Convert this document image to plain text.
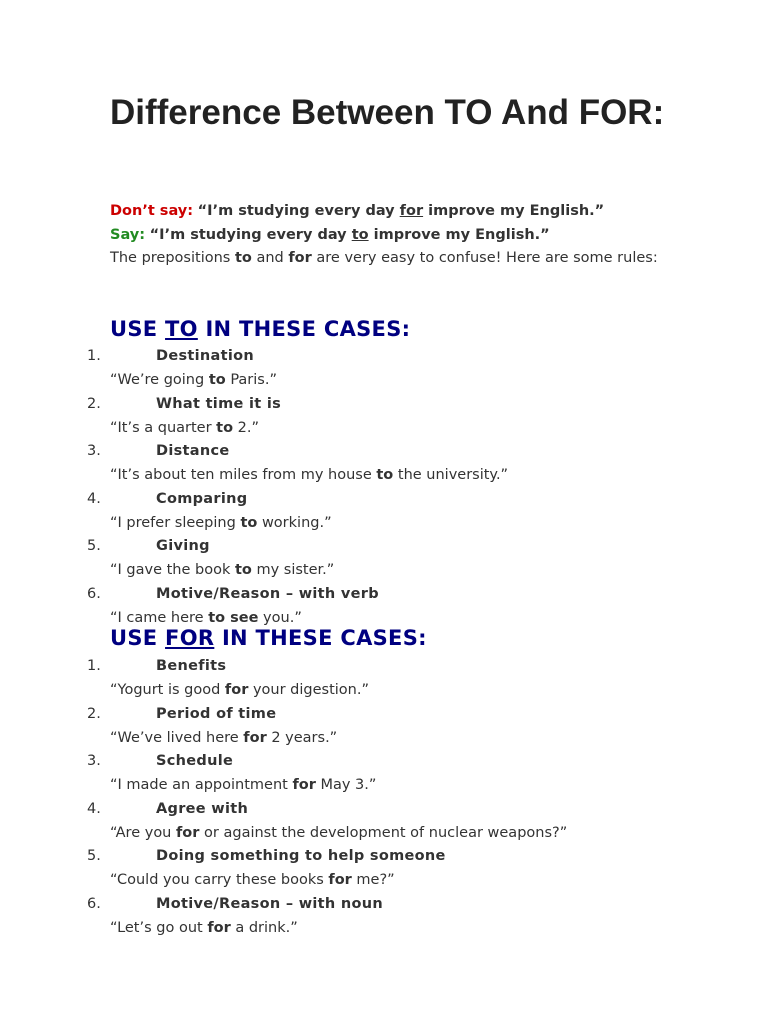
Difference Between TO And FOR:
Don’t say: “I’m studying every day for improve my English.”
Say: “I’m studying every day to improve my English.”
The prepositions to and for are very easy to confuse! Here are some rules:
USE TO IN THESE CASES:
1.	Destination
“We’re going to Paris.”
2.	What time it is
“It’s a quarter to 2.”
3.	Distance
“It’s about ten miles from my house to the university.”
4.	Comparing
“I prefer sleeping to working.”
5.	Giving
“I gave the book to my sister.”
6.	Motive/Reason – with verb
“I came here to see you.”
USE FOR IN THESE CASES:
1.	Benefits
“Yogurt is good for your digestion.”
2.	Period of time
“We’ve lived here for 2 years.”
3.	Schedule
“I made an appointment for May 3.”
4.	Agree with
“Are you for or against the development of nuclear weapons?”
5.	Doing something to help someone
“Could you carry these books for me?”
6.	Motive/Reason – with noun
“Let’s go out for a drink.”
